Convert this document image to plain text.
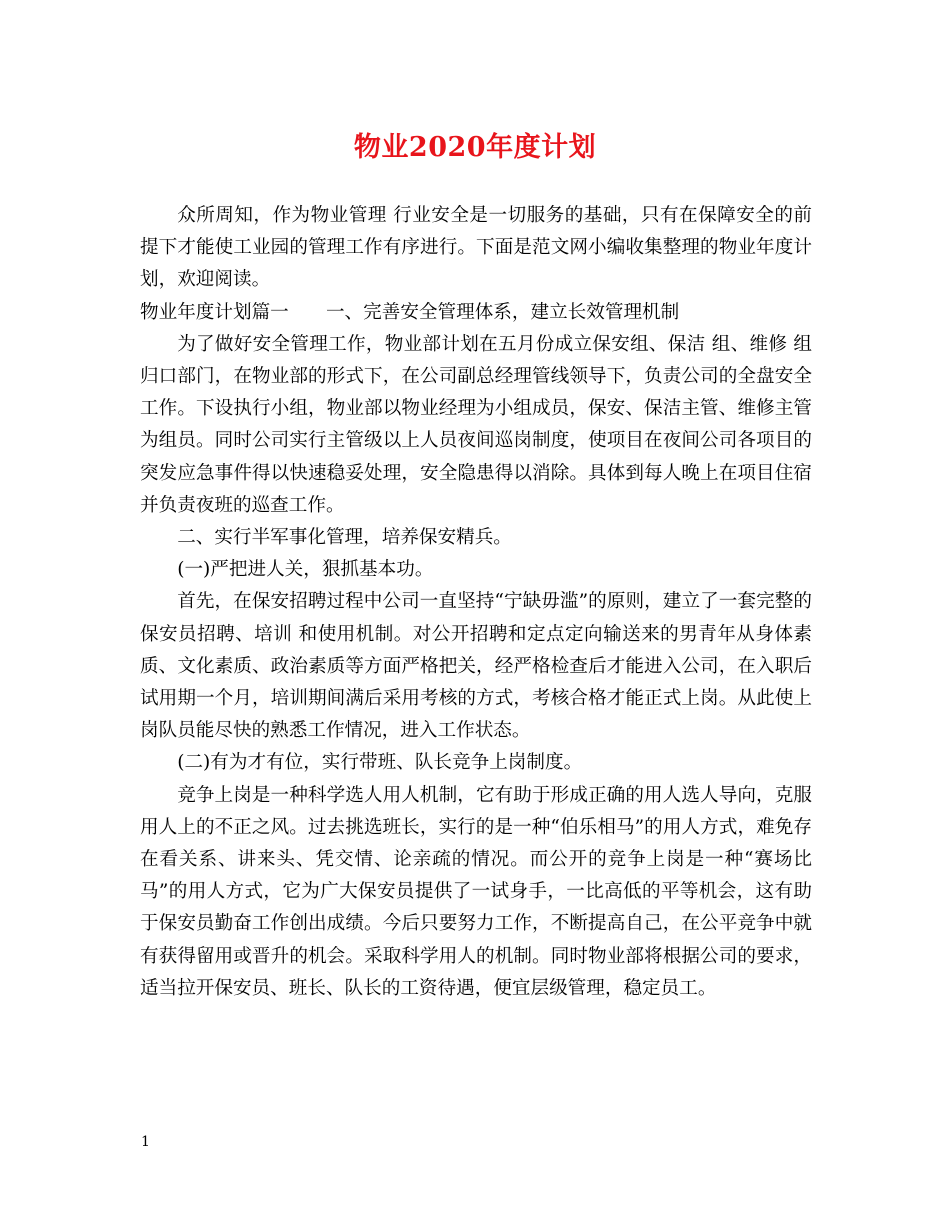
物业2020年度计划

众所周知，作为物业管理 行业安全是一切服务的基础，只有在保障安全的前提下才能使工业园的管理工作有序进行。下面是范文网小编收集整理的物业年度计划，欢迎阅读。

物业年度计划篇一　　一、完善安全管理体系，建立长效管理机制

为了做好安全管理工作，物业部计划在五月份成立保安组、保洁 组、维修 组归口部门，在物业部的形式下，在公司副总经理管线领导下，负责公司的全盘安全工作。下设执行小组，物业部以物业经理为小组成员，保安、保洁主管、维修主管为组员。同时公司实行主管级以上人员夜间巡岗制度，使项目在夜间公司各项目的突发应急事件得以快速稳妥处理，安全隐患得以消除。具体到每人晚上在项目住宿并负责夜班的巡查工作。

二、实行半军事化管理，培养保安精兵。

(一)严把进人关，狠抓基本功。

首先，在保安招聘过程中公司一直坚持“宁缺毋滥”的原则，建立了一套完整的保安员招聘、培训 和使用机制。对公开招聘和定点定向输送来的男青年从身体素质、文化素质、政治素质等方面严格把关，经严格检查后才能进入公司，在入职后试用期一个月，培训期间满后采用考核的方式，考核合格才能正式上岗。从此使上岗队员能尽快的熟悉工作情况，进入工作状态。

(二)有为才有位，实行带班、队长竞争上岗制度。

竞争上岗是一种科学选人用人机制，它有助于形成正确的用人选人导向，克服用人上的不正之风。过去挑选班长，实行的是一种“伯乐相马”的用人方式，难免存在看关系、讲来头、凭交情、论亲疏的情况。而公开的竞争上岗是一种“赛场比马”的用人方式，它为广大保安员提供了一试身手，一比高低的平等机会，这有助于保安员勤奋工作创出成绩。今后只要努力工作，不断提高自己，在公平竞争中就有获得留用或晋升的机会。采取科学用人的机制。同时物业部将根据公司的要求，适当拉开保安员、班长、队长的工资待遇，便宜层级管理，稳定员工。

1
